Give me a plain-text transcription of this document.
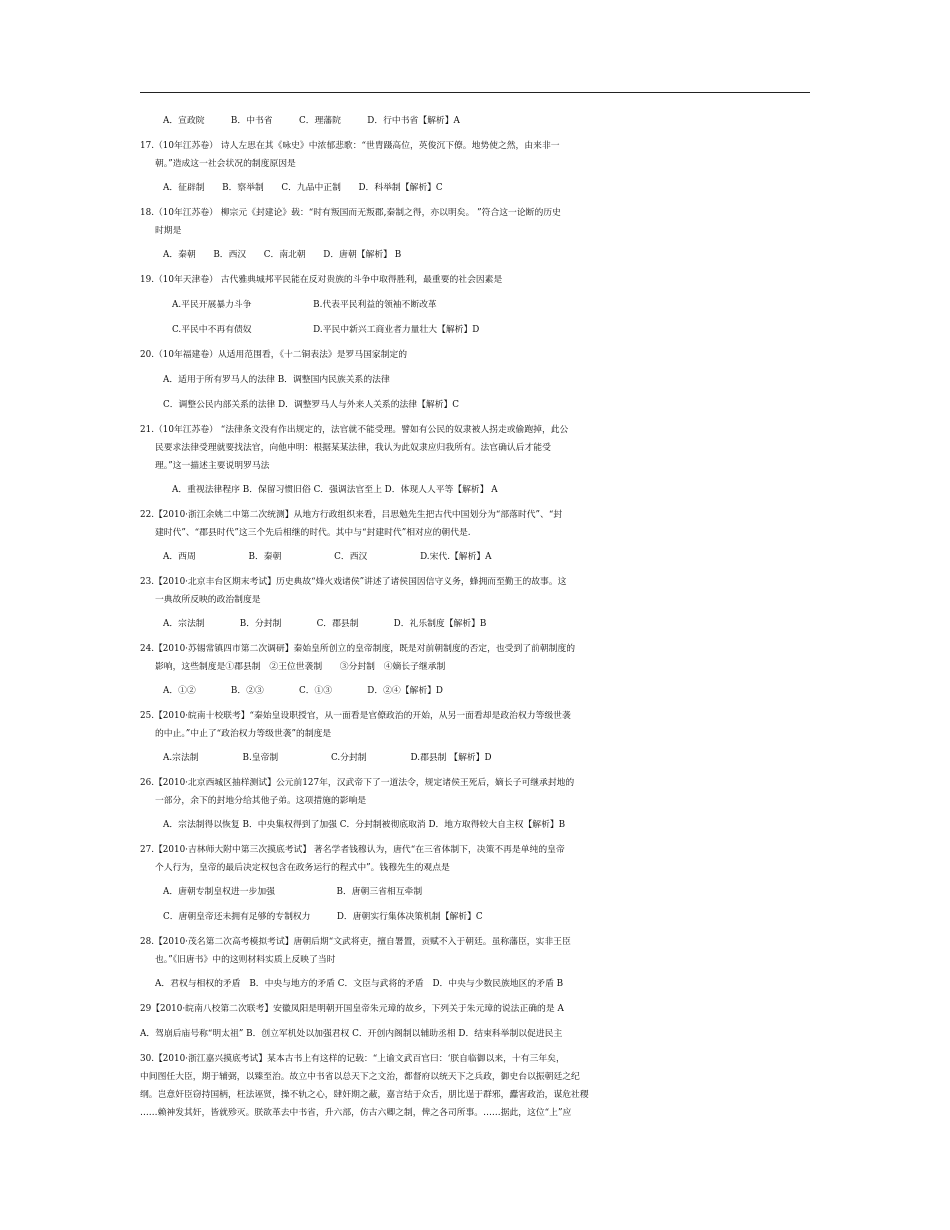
A．宣政院　　　B．中书省　　　C．理藩院　　　D．行中书省【解析】A
17.（10年江苏卷） 诗人左思在其《咏史》中浓郁悲歌：“世胄蹑高位，英俊沉下僚。地势使之然，由来非一
朝。”造成这一社会状况的制度原因是
A．征辟制　　B．察举制　　C．九品中正制　　D．科举制【解析】C
18.（10年江苏卷） 柳宗元《封建论》载：“时有叛国而无叛郡,秦制之得，亦以明矣。 ”符合这一论断的历史
时期是
A．秦朝　　B．西汉　　C．南北朝　　D．唐朝【解析】 B
19.（10年天津卷） 古代雅典城邦平民能在反对贵族的斗争中取得胜利，最重要的社会因素是
A.平民开展暴力斗争　　　　　　　B.代表平民利益的领袖不断改革
C.平民中不再有债奴　　　　　　　D.平民中新兴工商业者力量壮大【解析】D
20.（10年福建卷）从适用范围看，《十二铜表法》是罗马国家制定的
A．适用于所有罗马人的法律 B．调整国内民族关系的法律
C．调整公民内部关系的法律 D．调整罗马人与外来人关系的法律【解析】C
21.（10年江苏卷） “法律条文没有作出规定的，法官就不能受理。譬如有公民的奴隶被人拐走或偷跑掉，此公
民要求法律受理就要找法官，向他申明：根据某某法律，我认为此奴隶应归我所有。法官确认后才能受
理。”这一描述主要说明罗马法
A．重视法律程序 B．保留习惯旧俗 C．强调法官至上 D．体现人人平等【解析】 A
22.【2010·浙江余姚二中第二次统测】从地方行政组织来看，吕思勉先生把古代中国划分为“部落时代”、“封
建时代”、“郡县时代”这三个先后相继的时代。其中与“封建时代”相对应的朝代是.
A．西周　　　　　　B．秦朝　　　　　　C．西汉　　　　　　D.宋代.【解析】A
23.【2010·北京丰台区期末考试】历史典故“烽火戏诸侯”讲述了诸侯国因信守义务，蜂拥而至勤王的故事。这
一典故所反映的政治制度是
A．宗法制　　　　B．分封制　　　　C．郡县制　　　　D．礼乐制度【解析】B
24.【2010·苏锡常镇四市第二次调研】秦始皇所创立的皇帝制度，既是对前朝制度的否定，也受到了前朝制度的
影响，这些制度是①郡县制　②王位世袭制　　③分封制　④嫡长子继承制
A．①②　　　　B．②③　　　　C．①③　　　　D．②④【解析】D
25.【2010·皖南十校联考】“秦始皇设职授官，从一面看是官僚政治的开始，从另一面看却是政治权力等级世袭
的中止。”中止了“政治权力等级世袭”的制度是
A.宗法制　　　　　B.皇帝制　　　　　　C.分封制　　　　　D.郡县制 【解析】D
26.【2010·北京西城区抽样测试】公元前127年，汉武帝下了一道法令，规定诸侯王死后，嫡长子可继承封地的
一部分，余下的封地分给其他子弟。这项措施的影响是
A．宗法制得以恢复 B．中央集权得到了加强 C．分封制被彻底取消 D．地方取得较大自主权【解析】B
27.【2010·吉林师大附中第三次摸底考试】 著名学者钱穆认为，唐代“在三省体制下，决策不再是单纯的皇帝
个人行为，皇帝的最后决定权包含在政务运行的程式中”。钱穆先生的观点是
A．唐朝专制皇权进一步加强　　　　　　　B．唐朝三省相互牵制
C．唐朝皇帝还未拥有足够的专制权力　　　D．唐朝实行集体决策机制【解析】C
28.【2010·茂名第二次高考模拟考试】唐朝后期“文武将吏，擅自署置，贡赋不入于朝廷。虽称藩臣，实非王臣
也。”《旧唐书》中的这则材料实质上反映了当时
A．君权与相权的矛盾　B．中央与地方的矛盾 C．文臣与武将的矛盾　D．中央与少数民族地区的矛盾 B
29【2010·皖南八校第二次联考】安徽凤阳是明朝开国皇帝朱元璋的故乡，下列关于朱元璋的说法正确的是 A
A．驾崩后庙号称“明太祖” B．创立军机处以加强君权 C．开创内阁制以辅助丞相 D．结束科举制以促进民主
30.【2010·浙江嘉兴摸底考试】某本古书上有这样的记载：“上谕文武百官曰：‘朕自临御以来，十有三年矣，
中间图任大臣，期于辅弼，以臻至治。故立中书省以总天下之文治，都督府以统天下之兵政，御史台以振朝廷之纪
纲。岂意奸臣窃持国柄，枉法诬贤，操不轨之心，肆奸期之蔽，嘉言结于众舌，朋比逞于群邪，蠹害政治，谋危社稷
……赖神发其奸，皆就殄灭。朕欲革去中书省，升六部，仿古六卿之制，俾之各司所事。……据此，这位“上”应
